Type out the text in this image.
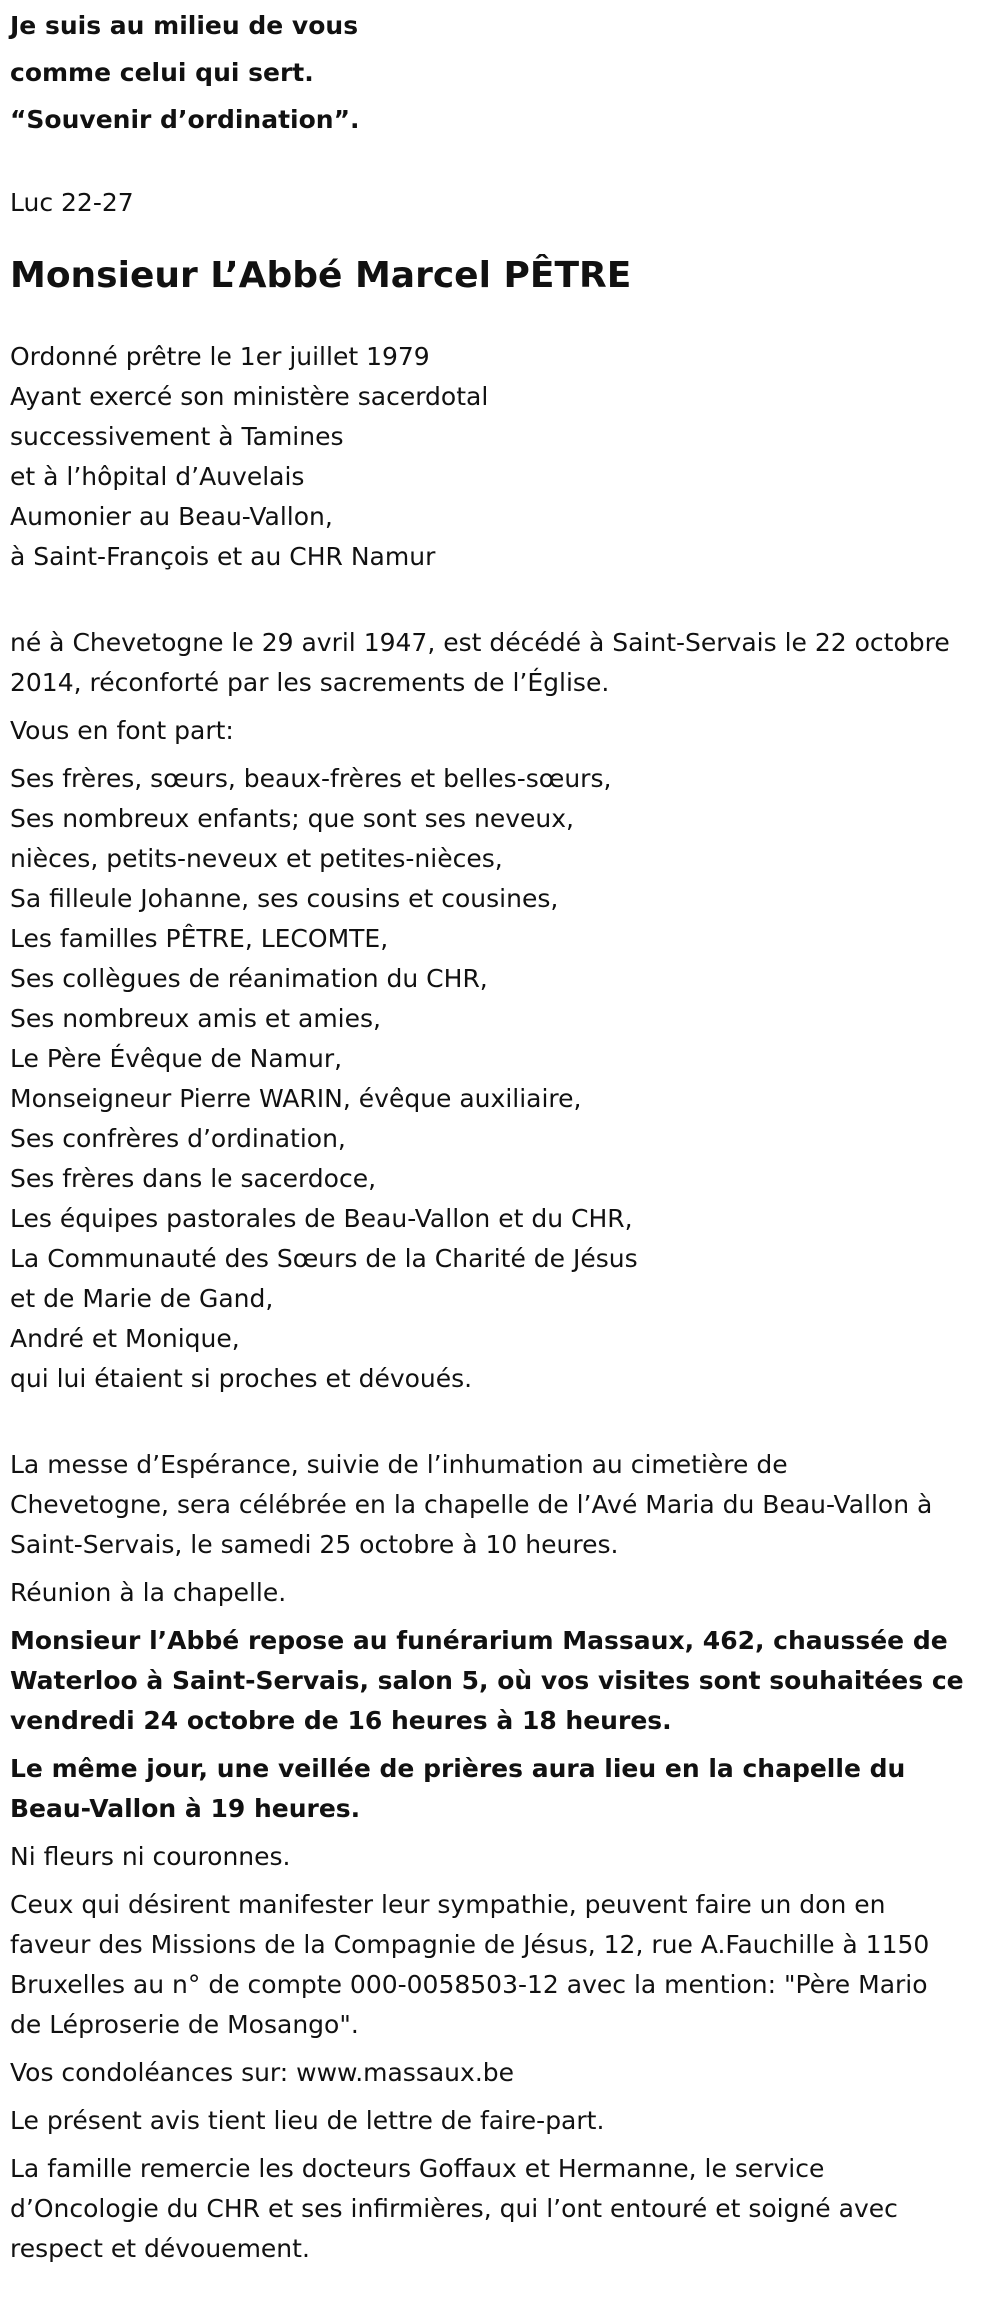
Je suis au milieu de vous
comme celui qui sert.
“Souvenir d’ordination”.
Luc 22-27
Monsieur L’Abbé Marcel PÊTRE
Ordonné prêtre le 1er juillet 1979
Ayant exercé son ministère sacerdotal
successivement à Tamines
et à l’hôpital d’Auvelais
Aumonier au Beau-Vallon,
à Saint-François et au CHR Namur
né à Chevetogne le 29 avril 1947, est décédé à Saint-Servais le 22 octobre
2014, réconforté par les sacrements de l’Église.
Vous en font part:
Ses frères, sœurs, beaux-frères et belles-sœurs,
Ses nombreux enfants; que sont ses neveux,
nièces, petits-neveux et petites-nièces,
Sa filleule Johanne, ses cousins et cousines,
Les familles PÊTRE, LECOMTE,
Ses collègues de réanimation du CHR,
Ses nombreux amis et amies,
Le Père Évêque de Namur,
Monseigneur Pierre WARIN, évêque auxiliaire,
Ses confrères d’ordination,
Ses frères dans le sacerdoce,
Les équipes pastorales de Beau-Vallon et du CHR,
La Communauté des Sœurs de la Charité de Jésus
et de Marie de Gand,
André et Monique,
qui lui étaient si proches et dévoués.
La messe d’Espérance, suivie de l’inhumation au cimetière de
Chevetogne, sera célébrée en la chapelle de l’Avé Maria du Beau-Vallon à
Saint-Servais, le samedi 25 octobre à 10 heures.
Réunion à la chapelle.
Monsieur l’Abbé repose au funérarium Massaux, 462, chaussée de
Waterloo à Saint-Servais, salon 5, où vos visites sont souhaitées ce
vendredi 24 octobre de 16 heures à 18 heures.
Le même jour, une veillée de prières aura lieu en la chapelle du
Beau-Vallon à 19 heures.
Ni fleurs ni couronnes.
Ceux qui désirent manifester leur sympathie, peuvent faire un don en
faveur des Missions de la Compagnie de Jésus, 12, rue A.Fauchille à 1150
Bruxelles au n° de compte 000-0058503-12 avec la mention: "Père Mario
de Léproserie de Mosango".
Vos condoléances sur: www.massaux.be
Le présent avis tient lieu de lettre de faire-part.
La famille remercie les docteurs Goffaux et Hermanne, le service
d’Oncologie du CHR et ses infirmières, qui l’ont entouré et soigné avec
respect et dévouement.
